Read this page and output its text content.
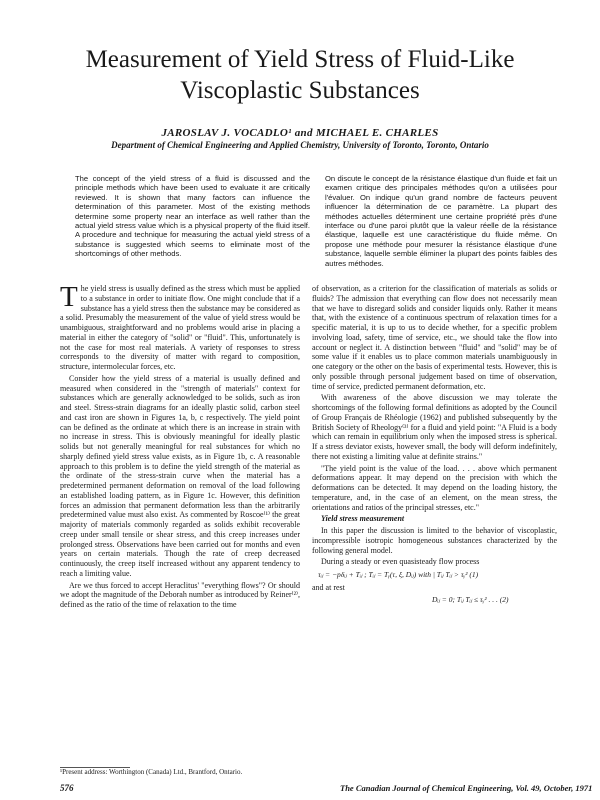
Measurement of Yield Stress of Fluid-Like Viscoplastic Substances
JAROSLAV J. VOCADLO¹ and MICHAEL E. CHARLES
Department of Chemical Engineering and Applied Chemistry, University of Toronto, Toronto, Ontario
The concept of the yield stress of a fluid is discussed and the principle methods which have been used to evaluate it are critically reviewed. It is shown that many factors can influence the determination of this parameter. Most of the existing methods determine some property near an interface as well rather than the actual yield stress value which is a physical property of the fluid itself. A procedure and technique for measuring the actual yield stress of a substance is suggested which seems to eliminate most of the shortcomings of other methods.
On discute le concept de la résistance élastique d'un fluide et fait un examen critique des principales méthodes qu'on a utilisées pour l'évaluer. On indique qu'un grand nombre de facteurs peuvent influencer la détermination de ce paramètre. La plupart des méthodes actuelles déterminent une certaine propriété près d'une interface ou d'une paroi plutôt que la valeur réelle de la résistance élastique, laquelle est une caractéristique du fluide même. On propose une méthode pour mesurer la résistance élastique d'une substance, laquelle semble éliminer la plupart des points faibles des autres méthodes.

The yield stress is usually defined as the stress which must be applied to a substance in order to initiate flow. One might conclude that if a substance has a yield stress then the substance may be considered as a solid. Presumably the measurement of the value of yield stress would be unambiguous, straightforward and no problems would arise in placing a material in either the category of "solid" or "fluid". This, unfortunately is not the case for most real materials. A variety of responses to stress corresponds to the diversity of matter with regard to composition, structure, intermolecular forces, etc.

Consider how the yield stress of a material is usually defined and measured when considered in the "strength of materials" context for substances which are generally acknowledged to be solids, such as iron and steel. Stress-strain diagrams for an ideally plastic solid, carbon steel and cast iron are shown in Figures 1a, b, c respectively. The yield point can be defined as the ordinate at which there is an increase in strain with no increase in stress. This is obviously meaningful for ideally plastic solids but not generally meaningful for real substances for which no sharply defined yield stress value exists, as in Figure 1b, c. A reasonable approach to this problem is to define the yield strength of the material as the ordinate of the stress-strain curve when the material has a predetermined permanent deformation on removal of the load following an established loading pattern, as in Figure 1c. However, this definition forces an admission that permanent deformation less than the arbitrarily predetermined value must also exist. As commented by Roscoe⁽¹⁾ the great majority of materials commonly regarded as solids exhibit recoverable creep under small tensile or shear stress, and this creep increases under prolonged stress. Observations have been carried out for months and even years on certain materials. Though the rate of creep decreased continuously, the creep itself increased without any apparent tendency to reach a limiting value.

Are we thus forced to accept Heraclitus' "everything flows"? Or should we adopt the magnitude of the Deborah number as introduced by Reiner⁽²⁾, defined as the ratio of the time of relaxation to the time

of observation, as a criterion for the classification of materials as solids or fluids? The admission that everything can flow does not necessarily mean that we have to disregard solids and consider liquids only. Rather it means that, with the existence of a continuous spectrum of relaxation times for a specific material, it is up to us to decide whether, for a specific problem involving load, safety, time of service, etc., we should take the flow into account or neglect it. A distinction between "fluid" and "solid" may be of some value if it enables us to place common materials unambiguously in one category or the other on the basis of experimental tests. However, this is only possible through personal judgement based on time of observation, time of service, predicted permanent deformation, etc.

With awareness of the above discussion we may tolerate the shortcomings of the following formal definitions as adopted by the Council of Group Français de Rhéologie (1962) and published subsequently by the British Society of Rheology⁽³⁾ for a fluid and yield point: "A Fluid is a body which can remain in equilibrium only when the imposed stress is spherical. If a stress deviator exists, however small, the body will deform indefinitely, there not existing a limiting value at definite strains."

"The yield point is the value of the load. . . . above which permanent deformations appear. It may depend on the precision with which the deformations can be detected. It may depend on the loading history, the temperature, and, in the case of an element, on the mean stress, the orientations and ratios of the principal stresses, etc."

Yield stress measurement

In this paper the discussion is limited to the behavior of viscoplastic, incompressible isotropic homogeneous substances characterized by the following general model.

During a steady or even quasisteady flow process

τᵢⱼ = −pδᵢⱼ + Tᵢⱼ ; Tᵢⱼ = Tᵧ(τ, ξ, Dᵢⱼ) with | Tᵢⱼ Tᵢⱼ > τᵧ² (1)

and at rest

Dᵢⱼ = 0; Tᵢⱼ Tᵢⱼ ≤ τᵧ² . . . (2)
¹Present address: Worthington (Canada) Ltd., Brantford, Ontario.
576	The Canadian Journal of Chemical Engineering, Vol. 49, October, 1971
